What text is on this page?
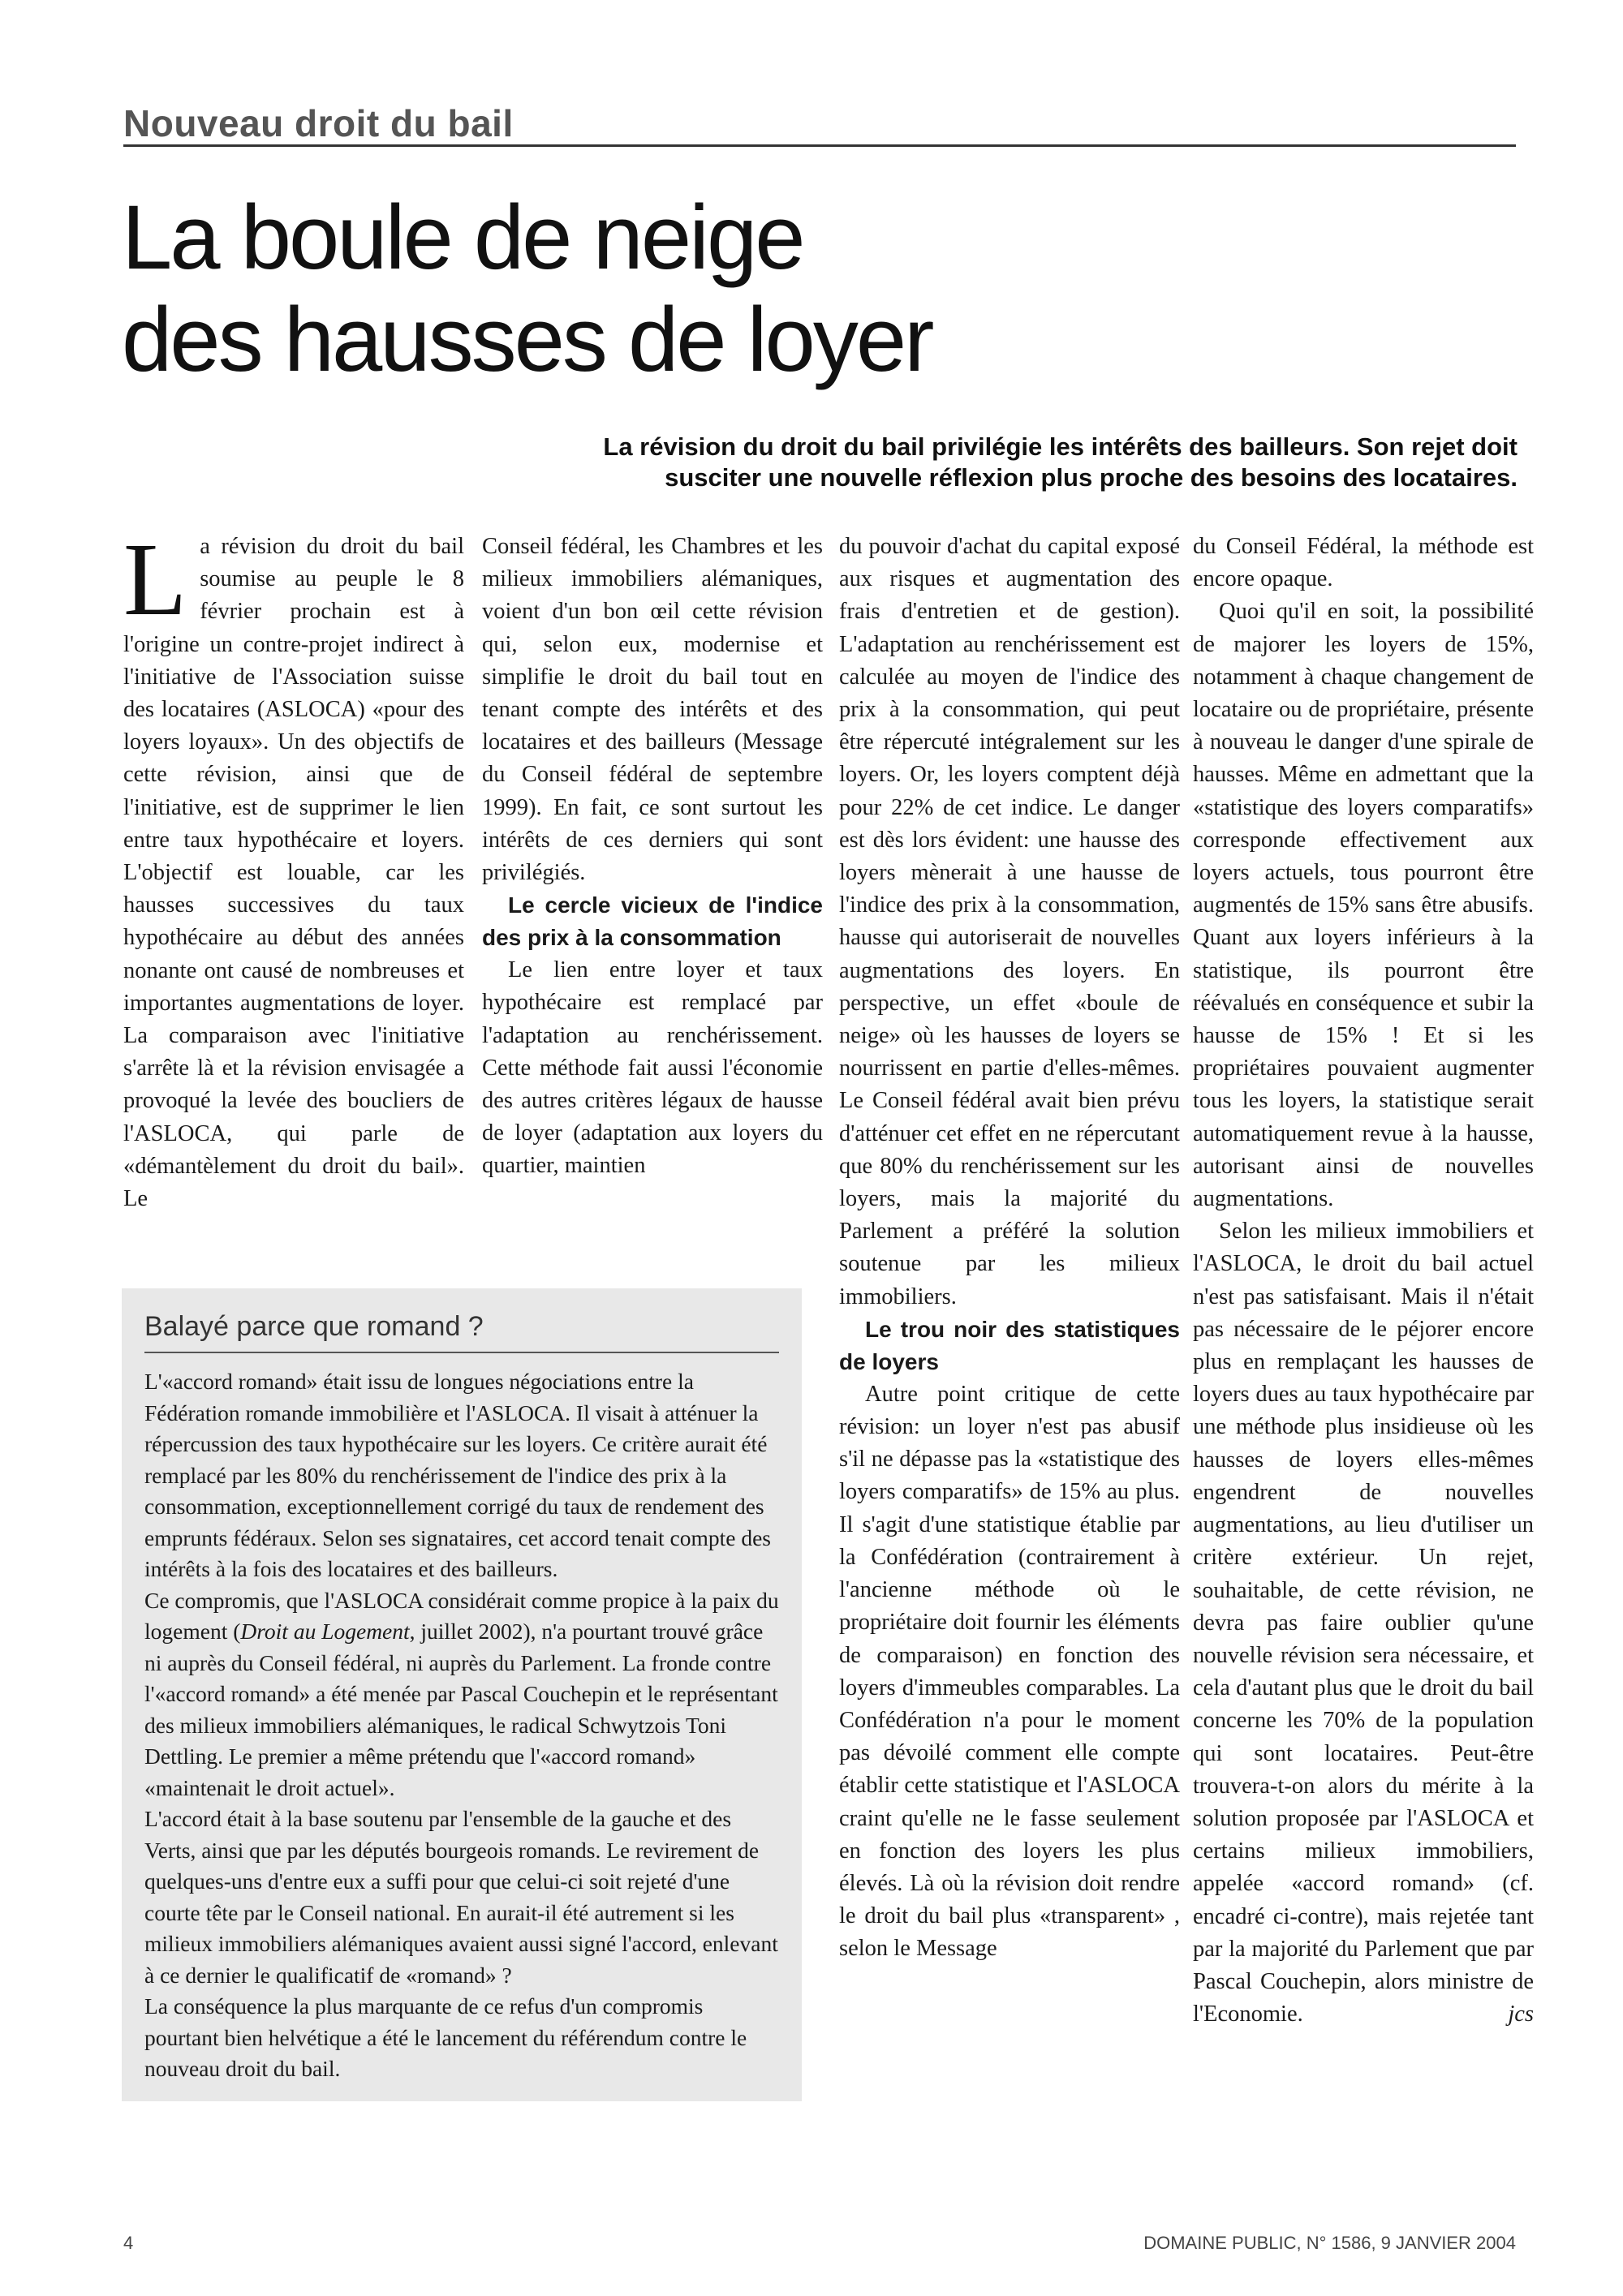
Nouveau droit du bail
La boule de neige
des hausses de loyer
La révision du droit du bail privilégie les intérêts des bailleurs. Son rejet doit
susciter une nouvelle réflexion plus proche des besoins des locataires.
L a révision du droit du bail soumise au peuple le 8 février prochain est à l'origine un contre-projet indirect à l'initiative de l'Association suisse des locataires (ASLOCA) «pour des loyers loyaux». Un des objectifs de cette révision, ainsi que de l'initiative, est de supprimer le lien entre taux hypothécaire et loyers. L'objectif est louable, car les hausses successives du taux hypothécaire au début des années nonante ont causé de nombreuses et importantes augmentations de loyer. La comparaison avec l'initiative s'arrête là et la révision envisagée a provoqué la levée des boucliers de l'ASLOCA, qui parle de «démantèlement du droit du bail». Le

Conseil fédéral, les Chambres et les milieux immobiliers alémaniques, voient d'un bon œil cette révision qui, selon eux, modernise et simplifie le droit du bail tout en tenant compte des intérêts et des locataires et des bailleurs (Message du Conseil fédéral de septembre 1999). En fait, ce sont surtout les intérêts de ces derniers qui sont privilégiés.

Le cercle vicieux de l'indice des prix à la consommation

Le lien entre loyer et taux hypothécaire est remplacé par l'adaptation au renchérissement. Cette méthode fait aussi l'économie des autres critères légaux de hausse de loyer (adaptation aux loyers du quartier, maintien

du pouvoir d'achat du capital exposé aux risques et augmentation des frais d'entretien et de gestion). L'adaptation au renchérissement est calculée au moyen de l'indice des prix à la consommation, qui peut être répercuté intégralement sur les loyers. Or, les loyers comptent déjà pour 22% de cet indice. Le danger est dès lors évident: une hausse des loyers mènerait à une hausse de l'indice des prix à la consommation, hausse qui autoriserait de nouvelles augmentations des loyers. En perspective, un effet «boule de neige» où les hausses de loyers se nourrissent en partie d'elles-mêmes. Le Conseil fédéral avait bien prévu d'atténuer cet effet en ne répercutant que 80% du renchérissement sur les loyers, mais la majorité du Parlement a préféré la solution soutenue par les milieux immobiliers.

Le trou noir des statistiques de loyers

Autre point critique de cette révision: un loyer n'est pas abusif s'il ne dépasse pas la «statistique des loyers comparatifs» de 15% au plus. Il s'agit d'une statistique établie par la Confédération (contrairement à l'ancienne méthode où le propriétaire doit fournir les éléments de comparaison) en fonction des loyers d'immeubles comparables. La Confédération n'a pour le moment pas dévoilé comment elle compte établir cette statistique et l'ASLOCA craint qu'elle ne le fasse seulement en fonction des loyers les plus élevés. Là où la révision doit rendre le droit du bail plus «transparent» , selon le Message

du Conseil Fédéral, la méthode est encore opaque.

Quoi qu'il en soit, la possibilité de majorer les loyers de 15%, notamment à chaque changement de locataire ou de propriétaire, présente à nouveau le danger d'une spirale de hausses. Même en admettant que la «statistique des loyers comparatifs» corresponde effectivement aux loyers actuels, tous pourront être augmentés de 15% sans être abusifs. Quant aux loyers inférieurs à la statistique, ils pourront être réévalués en conséquence et subir la hausse de 15% ! Et si les propriétaires pouvaient augmenter tous les loyers, la statistique serait automatiquement revue à la hausse, autorisant ainsi de nouvelles augmentations.

Selon les milieux immobiliers et l'ASLOCA, le droit du bail actuel n'est pas satisfaisant. Mais il n'était pas nécessaire de le péjorer encore plus en remplaçant les hausses de loyers dues au taux hypothécaire par une méthode plus insidieuse où les hausses de loyers elles-mêmes engendrent de nouvelles augmentations, au lieu d'utiliser un critère extérieur. Un rejet, souhaitable, de cette révision, ne devra pas faire oublier qu'une nouvelle révision sera nécessaire, et cela d'autant plus que le droit du bail concerne les 70% de la population qui sont locataires. Peut-être trouvera-t-on alors du mérite à la solution proposée par l'ASLOCA et certains milieux immobiliers, appelée «accord romand» (cf. encadré ci-contre), mais rejetée tant par la majorité du Parlement que par Pascal Couchepin, alors ministre de l'Economie.	jcs

Balayé parce que romand ?

L'«accord romand» était issu de longues négociations entre la Fédération romande immobilière et l'ASLOCA. Il visait à atténuer la répercussion des taux hypothécaire sur les loyers. Ce critère aurait été remplacé par les 80% du renchérissement de l'indice des prix à la consommation, exceptionnellement corrigé du taux de rendement des emprunts fédéraux. Selon ses signataires, cet accord tenait compte des intérêts à la fois des locataires et des bailleurs.

Ce compromis, que l'ASLOCA considérait comme propice à la paix du logement (Droit au Logement, juillet 2002), n'a pourtant trouvé grâce ni auprès du Conseil fédéral, ni auprès du Parlement. La fronde contre l'«accord romand» a été menée par Pascal Couchepin et le représentant des milieux immobiliers alémaniques, le radical Schwytzois Toni Dettling. Le premier a même prétendu que l'«accord romand» «maintenait le droit actuel».

L'accord était à la base soutenu par l'ensemble de la gauche et des Verts, ainsi que par les députés bourgeois romands. Le revirement de quelques-uns d'entre eux a suffi pour que celui-ci soit rejeté d'une courte tête par le Conseil national. En aurait-il été autrement si les milieux immobiliers alémaniques avaient aussi signé l'accord, enlevant à ce dernier le qualificatif de «romand» ?

La conséquence la plus marquante de ce refus d'un compromis pourtant bien helvétique a été le lancement du référendum contre le nouveau droit du bail.

4	DOMAINE PUBLIC, N° 1586, 9 JANVIER 2004
